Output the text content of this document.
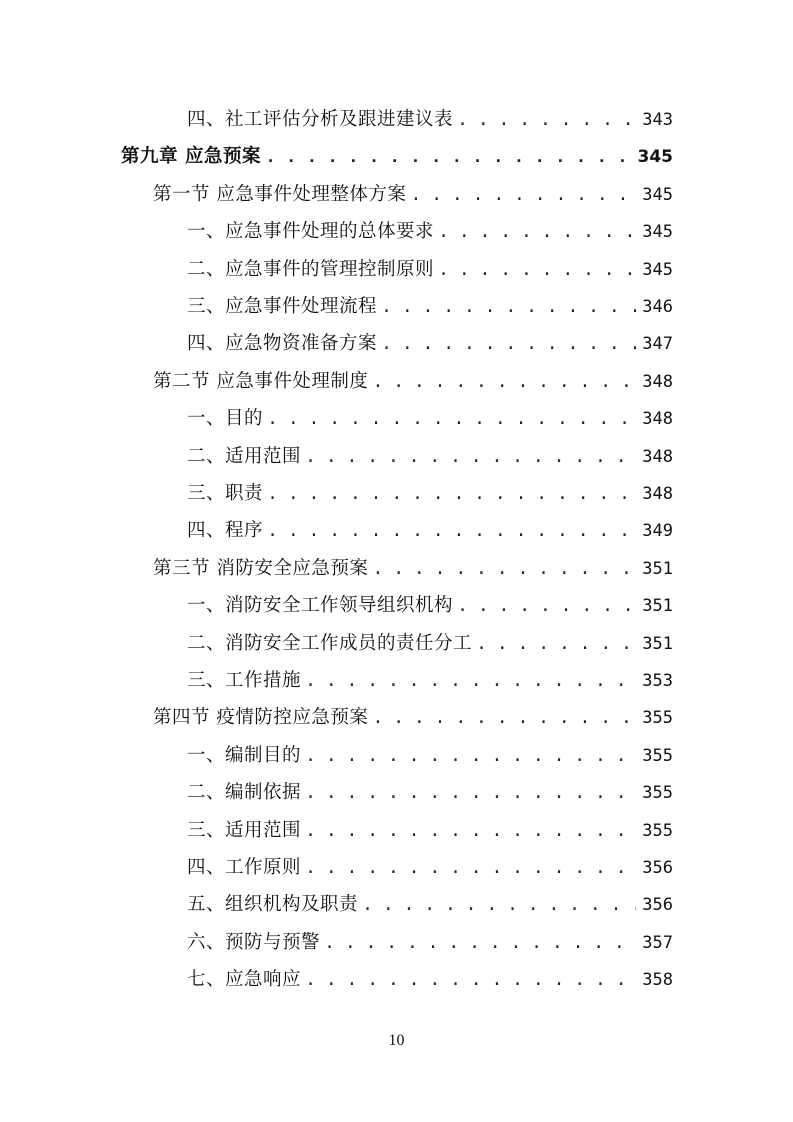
四、社工评估分析及跟进建议表 . . .	343
第九章 应急预案 . . .	345
第一节 应急事件处理整体方案 . . .	345
一、应急事件处理的总体要求 . . .	345
二、应急事件的管理控制原则 . . .	345
三、应急事件处理流程 . . .	346
四、应急物资准备方案 . . .	347
第二节 应急事件处理制度 . . .	348
一、目的 . . .	348
二、适用范围 . . .	348
三、职责 . . .	348
四、程序 . . .	349
第三节 消防安全应急预案 . . .	351
一、消防安全工作领导组织机构 . . .	351
二、消防安全工作成员的责任分工 . . .	351
三、工作措施 . . .	353
第四节 疫情防控应急预案 . . .	355
一、编制目的 . . .	355
二、编制依据 . . .	355
三、适用范围 . . .	355
四、工作原则 . . .	356
五、组织机构及职责 . . .	356
六、预防与预警 . . .	357
七、应急响应 . . .	358
10
